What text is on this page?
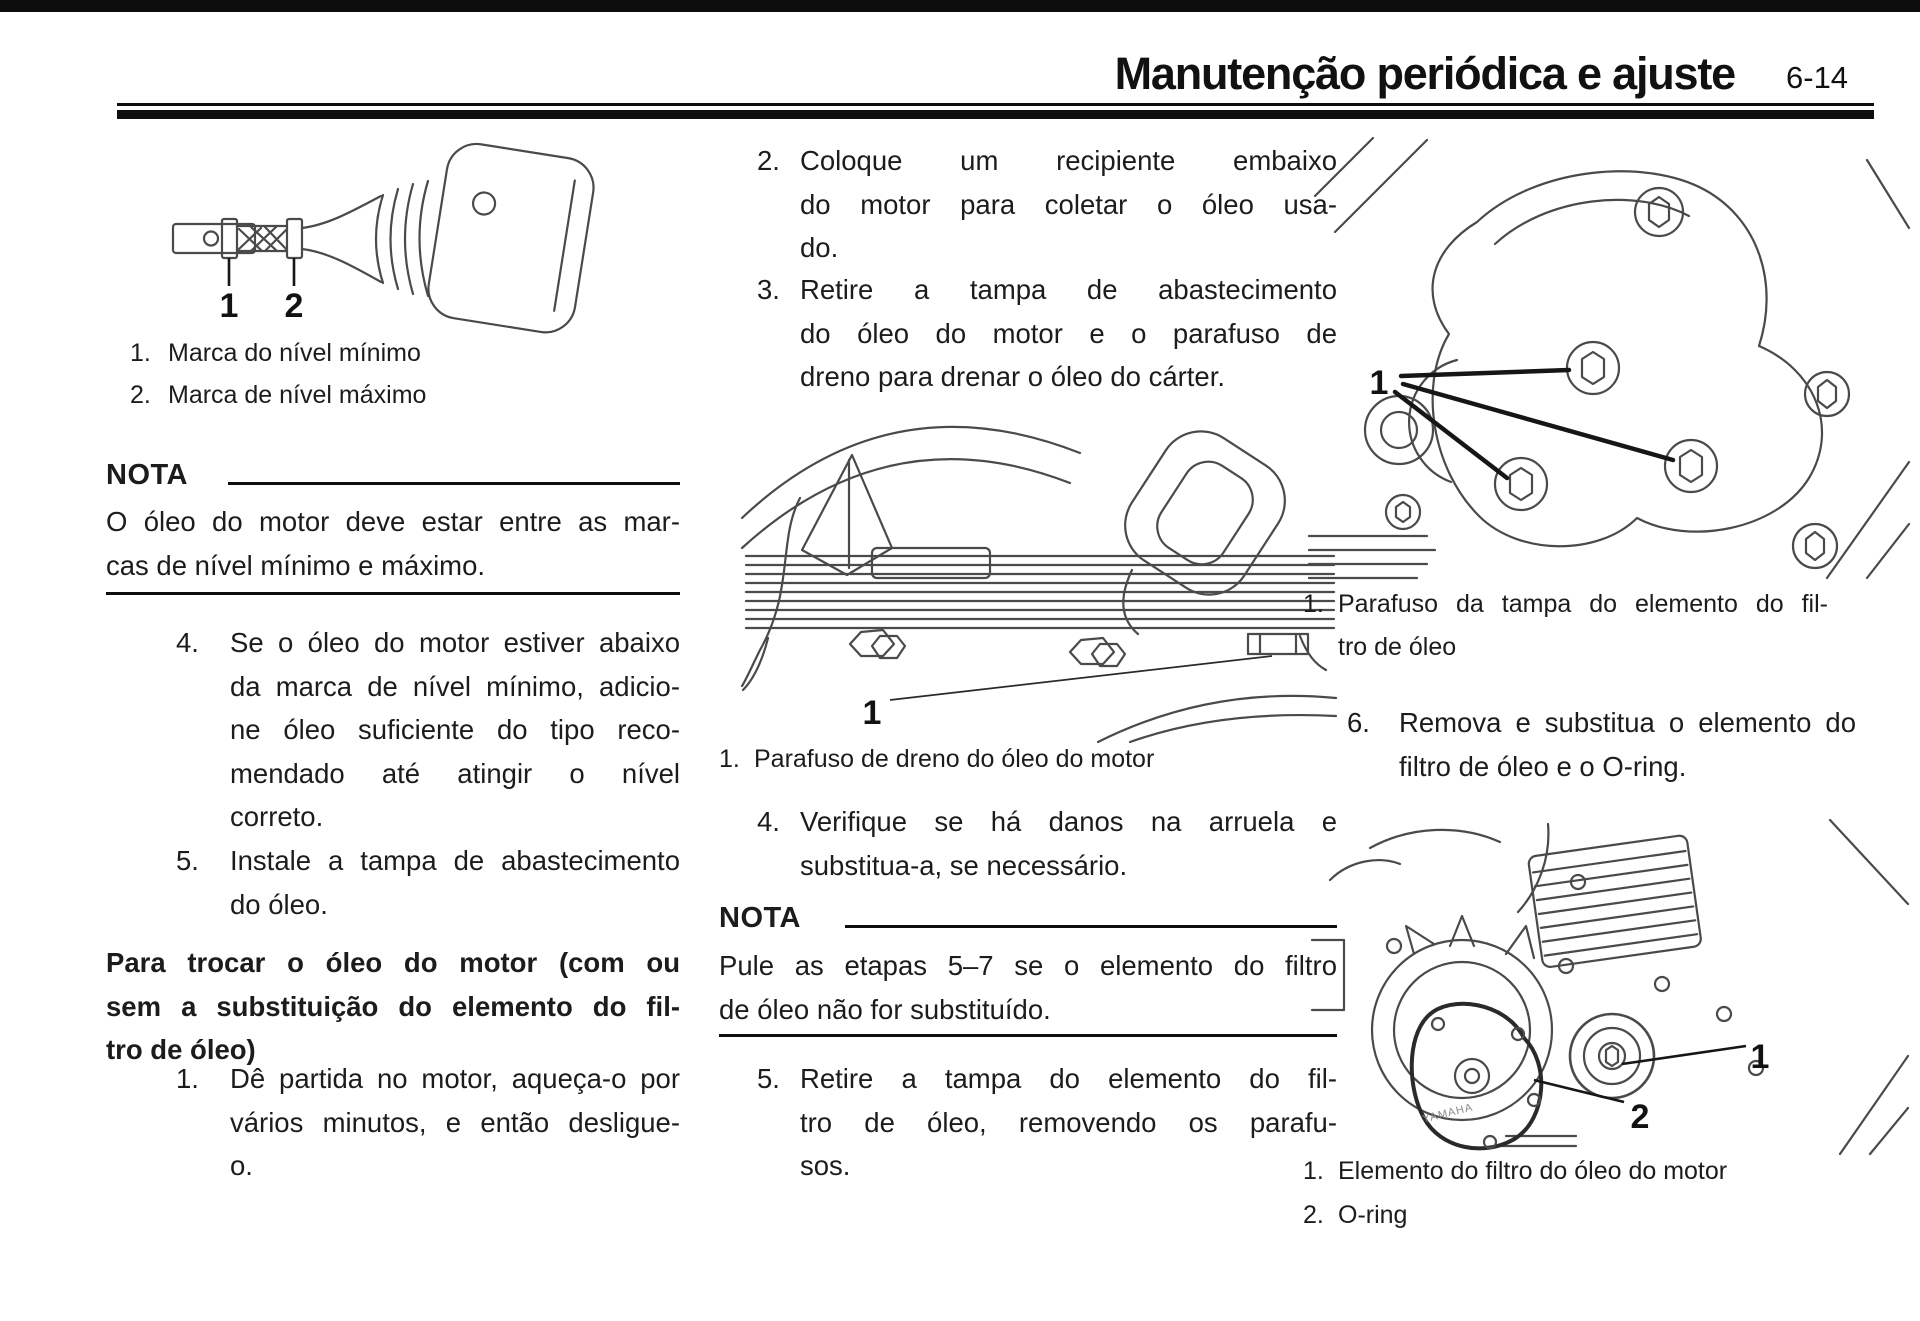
Manutenção periódica e ajuste 6-14
1 2
1. Marca do nível mínimo
2. Marca de nível máximo
NOTA
O óleo do motor deve estar entre as mar-
cas de nível mínimo e máximo.
4. Se o óleo do motor estiver abaixo
da marca de nível mínimo, adicio-
ne óleo suficiente do tipo reco-
mendado até atingir o nível
correto.
5. Instale a tampa de abastecimento
do óleo.
Para trocar o óleo do motor (com ou
sem a substituição do elemento do fil-
tro de óleo)
1. Dê partida no motor, aqueça-o por
vários minutos, e então desligue-
o.
2. Coloque um recipiente embaixo
do motor para coletar o óleo usa-
do.
3. Retire a tampa de abastecimento
do óleo do motor e o parafuso de
dreno para drenar o óleo do cárter.
1
1. Parafuso de dreno do óleo do motor
4. Verifique se há danos na arruela e
substitua-a, se necessário.
NOTA
Pule as etapas 5–7 se o elemento do filtro
de óleo não for substituído.
5. Retire a tampa do elemento do fil-
tro de óleo, removendo os parafu-
sos.
1
1. Parafuso da tampa do elemento do fil-
tro de óleo
6. Remova e substitua o elemento do
filtro de óleo e o O-ring.
YAMAHA
1
2
1. Elemento do filtro do óleo do motor
2. O-ring
